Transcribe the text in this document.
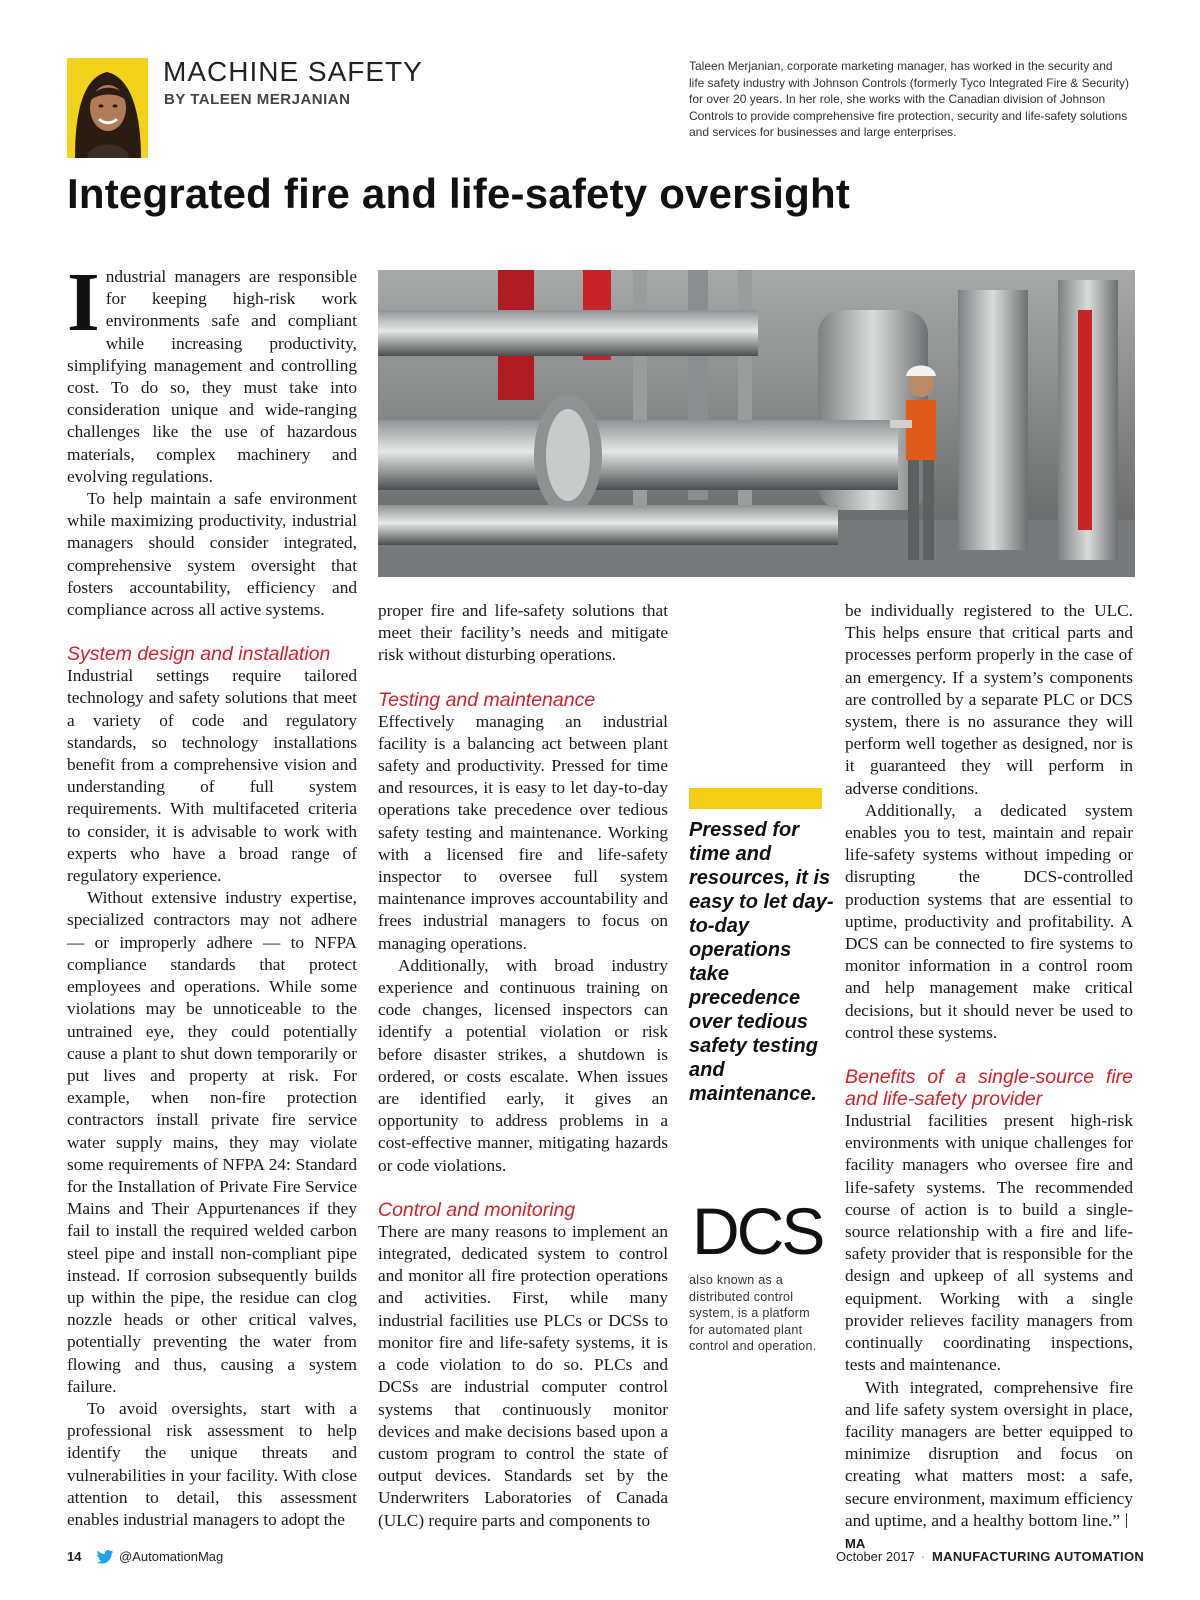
MACHINE SAFETY
BY TALEEN MERJANIAN
Taleen Merjanian, corporate marketing manager, has worked in the security and life safety industry with Johnson Controls (formerly Tyco Integrated Fire & Security) for over 20 years. In her role, she works with the Canadian division of Johnson Controls to provide comprehensive fire protection, security and life-safety solutions and services for businesses and large enterprises.
Integrated fire and life-safety oversight

Industrial managers are responsible for keeping high-risk work environments safe and compliant while increasing productivity, simplifying management and controlling cost. To do so, they must take into consideration unique and wide-ranging challenges like the use of hazardous materials, complex machinery and evolving regulations.

To help maintain a safe environment while maximizing productivity, industrial managers should consider integrated, comprehensive system oversight that fosters accountability, efficiency and compliance across all active systems.

System design and installation

Industrial settings require tailored technology and safety solutions that meet a variety of code and regulatory standards, so technology installations benefit from a comprehensive vision and understanding of full system requirements. With multifaceted criteria to consider, it is advisable to work with experts who have a broad range of regulatory experience.

Without extensive industry expertise, specialized contractors may not adhere — or improperly adhere — to NFPA compliance standards that protect employees and operations. While some violations may be unnoticeable to the untrained eye, they could potentially cause a plant to shut down temporarily or put lives and property at risk. For example, when non-fire protection contractors install private fire service water supply mains, they may violate some requirements of NFPA 24: Standard for the Installation of Private Fire Service Mains and Their Appurtenances if they fail to install the required welded carbon steel pipe and install non-compliant pipe instead. If corrosion subsequently builds up within the pipe, the residue can clog nozzle heads or other critical valves, potentially preventing the water from flowing and thus, causing a system failure.

To avoid oversights, start with a professional risk assessment to help identify the unique threats and vulnerabilities in your facility. With close attention to detail, this assessment enables industrial managers to adopt the

proper fire and life-safety solutions that meet their facility’s needs and mitigate risk without disturbing operations.

Testing and maintenance

Effectively managing an industrial facility is a balancing act between plant safety and productivity. Pressed for time and resources, it is easy to let day-to-day operations take precedence over tedious safety testing and maintenance. Working with a licensed fire and life-safety inspector to oversee full system maintenance improves accountability and frees industrial managers to focus on managing operations.

Additionally, with broad industry experience and continuous training on code changes, licensed inspectors can identify a potential violation or risk before disaster strikes, a shutdown is ordered, or costs escalate. When issues are identified early, it gives an opportunity to address problems in a cost-effective manner, mitigating hazards or code violations.

Control and monitoring

There are many reasons to implement an integrated, dedicated system to control and monitor all fire protection operations and activities. First, while many industrial facilities use PLCs or DCSs to monitor fire and life-safety systems, it is a code violation to do so. PLCs and DCSs are industrial computer control systems that continuously monitor devices and make decisions based upon a custom program to control the state of output devices. Standards set by the Underwriters Laboratories of Canada (ULC) require parts and components to

Pressed for time and resources, it is easy to let day-to-day operations take precedence over tedious safety testing and maintenance.

DCS
also known as a distributed control system, is a platform for automated plant control and operation.

be individually registered to the ULC. This helps ensure that critical parts and processes perform properly in the case of an emergency. If a system’s components are controlled by a separate PLC or DCS system, there is no assurance they will perform well together as designed, nor is it guaranteed they will perform in adverse conditions.

Additionally, a dedicated system enables you to test, maintain and repair life-safety systems without impeding or disrupting the DCS-controlled production systems that are essential to uptime, productivity and profitability. A DCS can be connected to fire systems to monitor information in a control room and help management make critical decisions, but it should never be used to control these systems.

Benefits of a single-source fire and life-safety provider

Industrial facilities present high-risk environments with unique challenges for facility managers who oversee fire and life-safety systems. The recommended course of action is to build a single-source relationship with a fire and life-safety provider that is responsible for the design and upkeep of all systems and equipment. Working with a single provider relieves facility managers from continually coordinating inspections, tests and maintenance.

With integrated, comprehensive fire and life safety system oversight in place, facility managers are better equipped to minimize disruption and focus on creating what matters most: a safe, secure environment, maximum efficiency and uptime, and a healthy bottom line.”MA

14	@AutomationMag	October 2017 · MANUFACTURING AUTOMATION
